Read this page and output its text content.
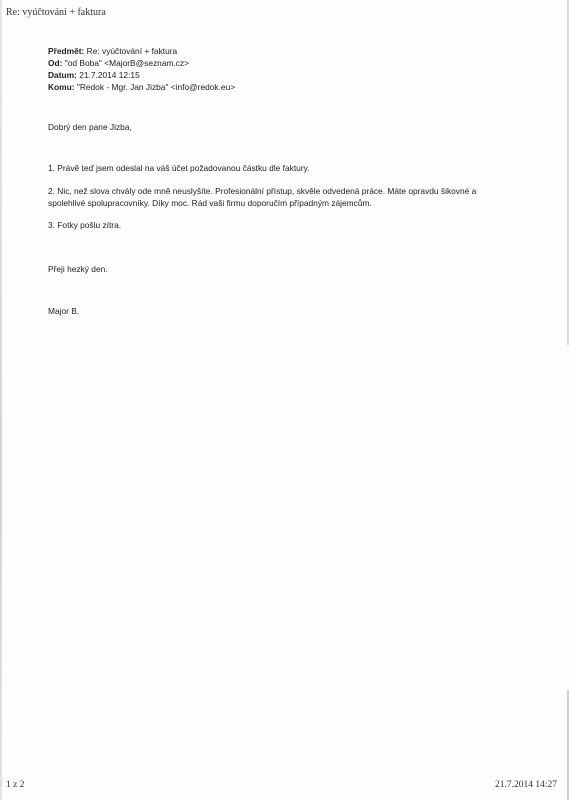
Re: vyúčtování + faktura
Předmět: Re: vyúčtování + faktura
Od: "od Boba" <MajorB@seznam.cz>
Datum: 21.7.2014 12:15
Komu: "Redok - Mgr. Jan Jizba" <info@redok.eu>
Dobrý den pane Jizba,
1. Právě teď jsem odeslal na váš účet požadovanou částku dle faktury.
2. Nic, než slova chvály ode mně neuslyšíte. Profesionální přístup, skvěle odvedená práce. Máte opravdu šikovné a
spolehlivé spolupracovníky. Díky moc. Rád vaši firmu doporučím případným zájemcům.
3. Fotky pošlu zítra.
Přeji hezký den.
Major B.
1 z 2	21.7.2014 14:27
